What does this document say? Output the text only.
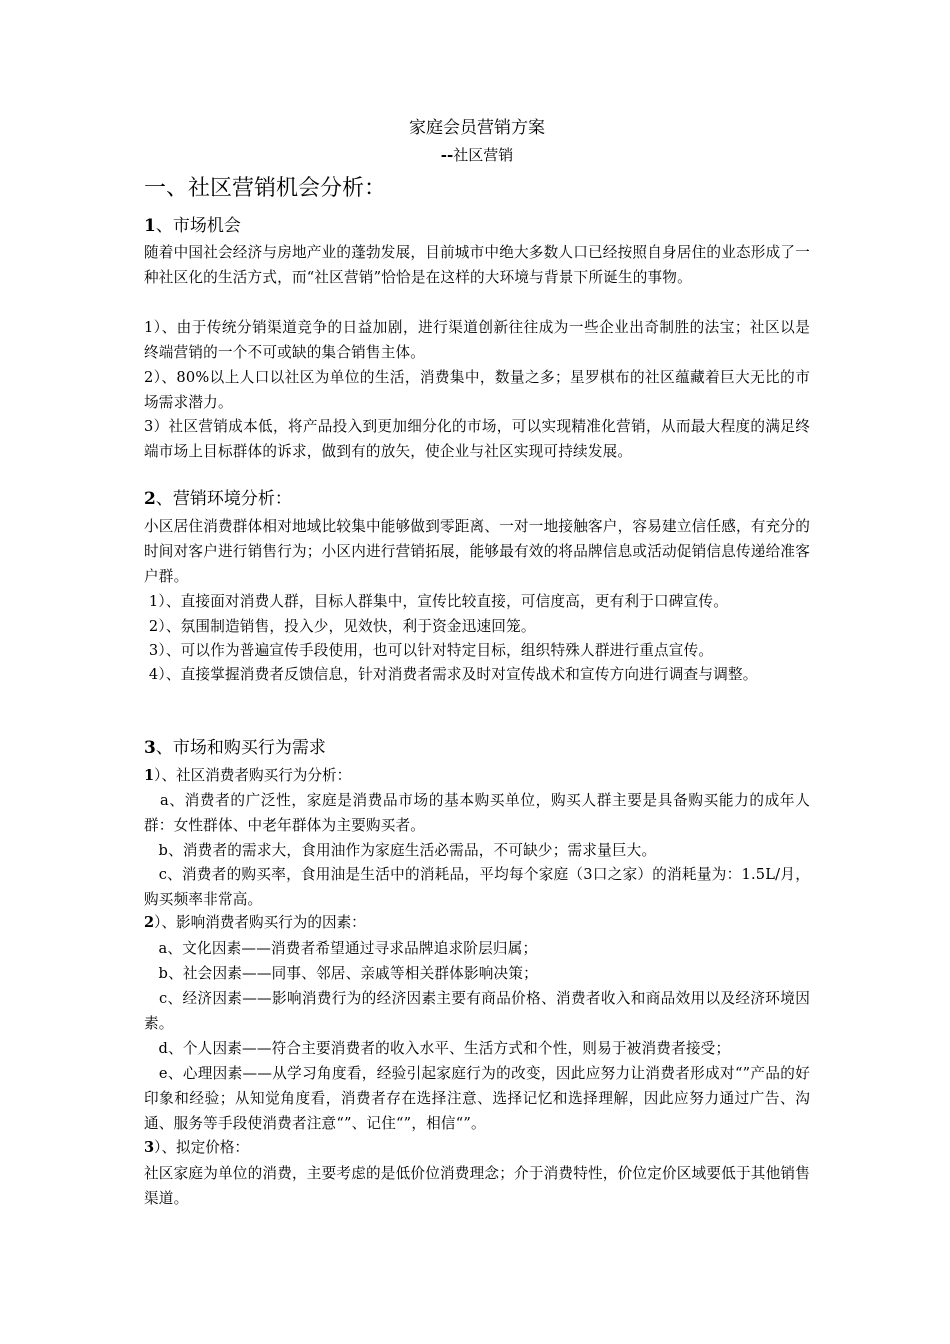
家庭会员营销方案
--社区营销
一、社区营销机会分析：
1、市场机会
随着中国社会经济与房地产业的蓬勃发展，目前城市中绝大多数人口已经按照自身居住的业态形成了一种社区化的生活方式，而“社区营销”恰恰是在这样的大环境与背景下所诞生的事物。
1）、由于传统分销渠道竞争的日益加剧，进行渠道创新往往成为一些企业出奇制胜的法宝；社区以是终端营销的一个不可或缺的集合销售主体。
2）、80%以上人口以社区为单位的生活，消费集中，数量之多；星罗棋布的社区蕴藏着巨大无比的市场需求潜力。
3）社区营销成本低，将产品投入到更加细分化的市场，可以实现精准化营销，从而最大程度的满足终端市场上目标群体的诉求，做到有的放矢，使企业与社区实现可持续发展。
2、营销环境分析：
小区居住消费群体相对地域比较集中能够做到零距离、一对一地接触客户，容易建立信任感，有充分的时间对客户进行销售行为；小区内进行营销拓展，能够最有效的将品牌信息或活动促销信息传递给准客户群。
1）、直接面对消费人群，目标人群集中，宣传比较直接，可信度高，更有利于口碑宣传。
2）、氛围制造销售，投入少，见效快，利于资金迅速回笼。
3）、可以作为普遍宣传手段使用，也可以针对特定目标，组织特殊人群进行重点宣传。
4）、直接掌握消费者反馈信息，针对消费者需求及时对宣传战术和宣传方向进行调查与调整。
3、市场和购买行为需求
1）、社区消费者购买行为分析：
a、消费者的广泛性，家庭是消费品市场的基本购买单位，购买人群主要是具备购买能力的成年人群：女性群体、中老年群体为主要购买者。
b、消费者的需求大，食用油作为家庭生活必需品，不可缺少；需求量巨大。
c、消费者的购买率，食用油是生活中的消耗品，平均每个家庭（3口之家）的消耗量为：1.5L/月，购买频率非常高。
2）、影响消费者购买行为的因素：
a、文化因素——消费者希望通过寻求品牌追求阶层归属；
b、社会因素——同事、邻居、亲戚等相关群体影响决策；
c、经济因素——影响消费行为的经济因素主要有商品价格、消费者收入和商品效用以及经济环境因素。
d、个人因素——符合主要消费者的收入水平、生活方式和个性，则易于被消费者接受；
e、心理因素——从学习角度看，经验引起家庭行为的改变，因此应努力让消费者形成对“”产品的好印象和经验；从知觉角度看，消费者存在选择注意、选择记忆和选择理解，因此应努力通过广告、沟通、服务等手段使消费者注意“”、记住“”，相信“”。
3）、拟定价格：
社区家庭为单位的消费，主要考虑的是低价位消费理念；介于消费特性，价位定价区域要低于其他销售渠道。
